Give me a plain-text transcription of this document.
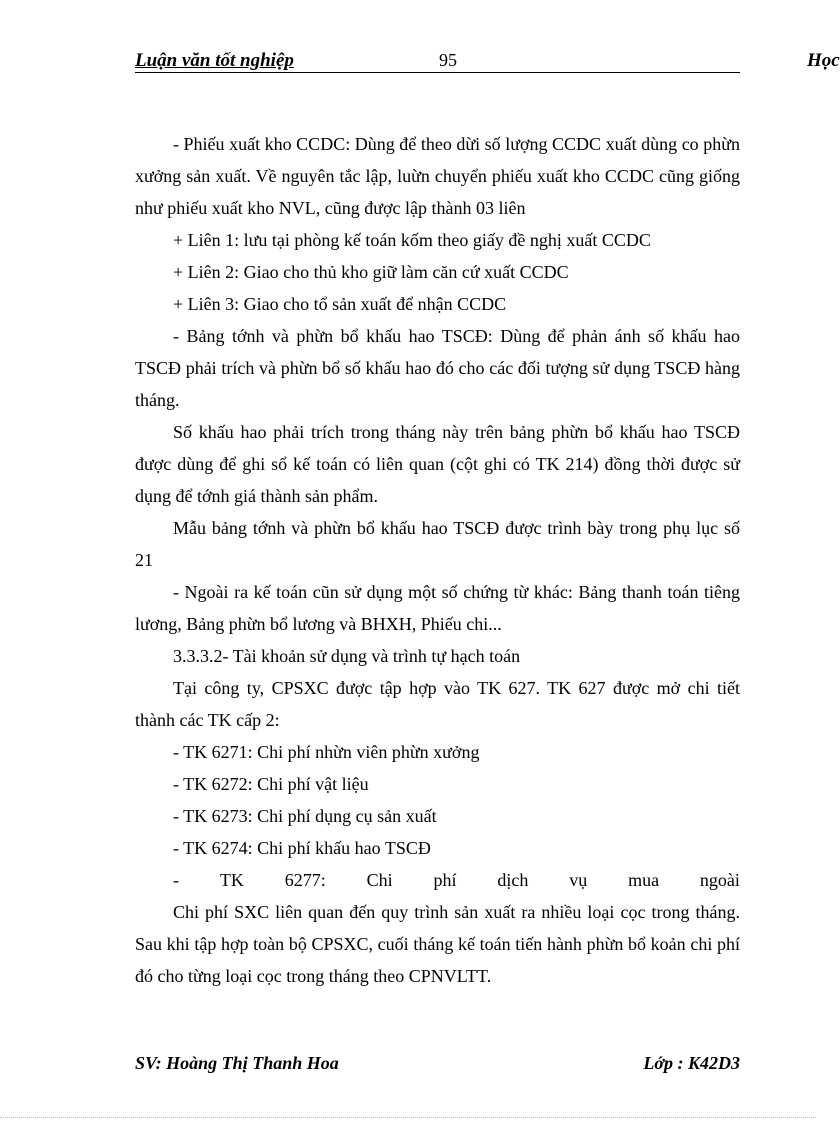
Luận văn tốt nghiệp	95	Học

- Phiếu xuất kho CCDC: Dùng để theo dừi số lượng CCDC xuất dùng co phừn xưởng sản xuất. Về nguyên tắc lập, luừn chuyển phiếu xuất kho CCDC cũng giống như phiếu xuất kho NVL, cũng được lập thành 03 liên

+ Liên 1: lưu tại phòng kế toán kốm theo giấy đề nghị xuất CCDC

+ Liên 2: Giao cho thủ kho giữ làm căn cứ xuất CCDC

+ Liên 3: Giao cho tổ sản xuất để nhận CCDC

- Bảng tớnh và phừn bổ khấu hao TSCĐ: Dùng để phản ánh số khấu hao TSCĐ phải trích và phừn bổ số khấu hao đó cho các đối tượng sử dụng TSCĐ hàng tháng.

Số khấu hao phải trích trong tháng này trên bảng phừn bổ khấu hao TSCĐ được dùng để ghi sổ kế toán có liên quan (cột ghi có TK 214) đồng thời được sử dụng để tớnh giá thành sản phẩm.

Mẫu bảng tớnh và phừn bổ khấu hao TSCĐ được trình bày trong phụ lục số 21

- Ngoài ra kế toán cũn sử dụng một số chứng từ khác: Bảng thanh toán tiêng lương, Bảng phừn bổ lương và BHXH, Phiếu chi...

3.3.3.2- Tài khoản sử dụng và trình tự hạch toán

Tại công ty, CPSXC được tập hợp vào TK 627. TK 627 được mở chi tiết thành các TK cấp 2:

- TK 6271: Chi phí nhừn viên phừn xưởng

- TK 6272: Chi phí vật liệu

- TK 6273: Chi phí dụng cụ sản xuất

- TK 6274: Chi phí khấu hao TSCĐ

- TK 6277: Chi phí dịch vụ mua ngoài

Chi phí SXC liên quan đến quy trình sản xuất ra nhiều loại cọc trong tháng. Sau khi tập hợp toàn bộ CPSXC, cuối tháng kế toán tiến hành phừn bổ koản chi phí đó cho từng loại cọc trong tháng theo CPNVLTT.

SV: Hoàng Thị Thanh Hoa	Lớp : K42D3
